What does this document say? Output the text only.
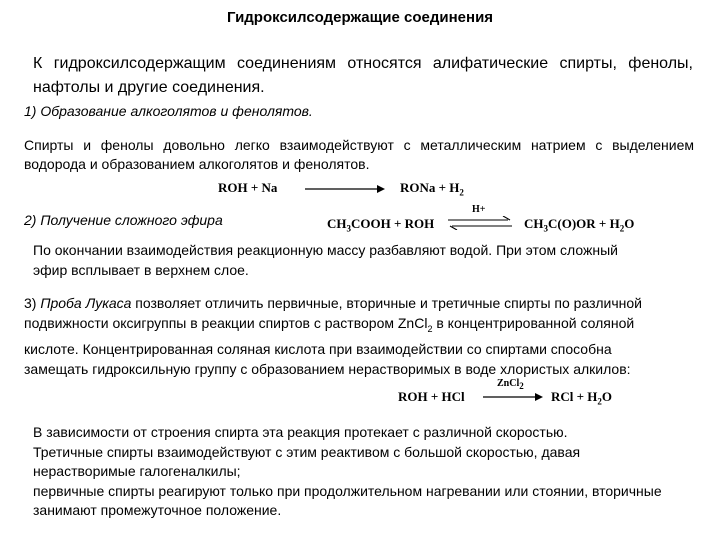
Гидроксилсодержащие соединения
К гидроксилсодержащим соединениям относятся алифатические спирты, фенолы, нафтолы и другие соединения.
1) Образование алкоголятов и фенолятов.
Спирты и фенолы довольно легко взаимодействуют с металлическим натрием с выделением водорода и образованием алкоголятов и фенолятов.
ROH + Na	RONa + $H_2$
2) Получение сложного эфира	$CH_3COOH$ + ROH
H+
$CH_3C(O)OR + H_2O$
По окончании взаимодействия реакционную массу разбавляют водой. При этом сложный эфир всплывает в верхнем слое.
3) Проба Лукаса позволяет отличить первичные, вторичные и третичные спирты по различной подвижности оксигруппы в реакции спиртов с раствором ZnCl$_2$ в концентрированной соляной кислоте. Концентрированная соляная кислота при взаимодействии со спиртами способна замещать гидроксильную группу с образованием нерастворимых в воде хлористых алкилов:
ROH + HCl
ZnCl$_2$
RCl + $H_2O$
В зависимости от строения спирта эта реакция протекает с различной скоростью.
Третичные спирты взаимодействуют с этим реактивом с большой скоростью, давая нерастворимые галогеналкилы;
первичные спирты реагируют только при продолжительном нагревании или стоянии, вторичные занимают промежуточное положение.
